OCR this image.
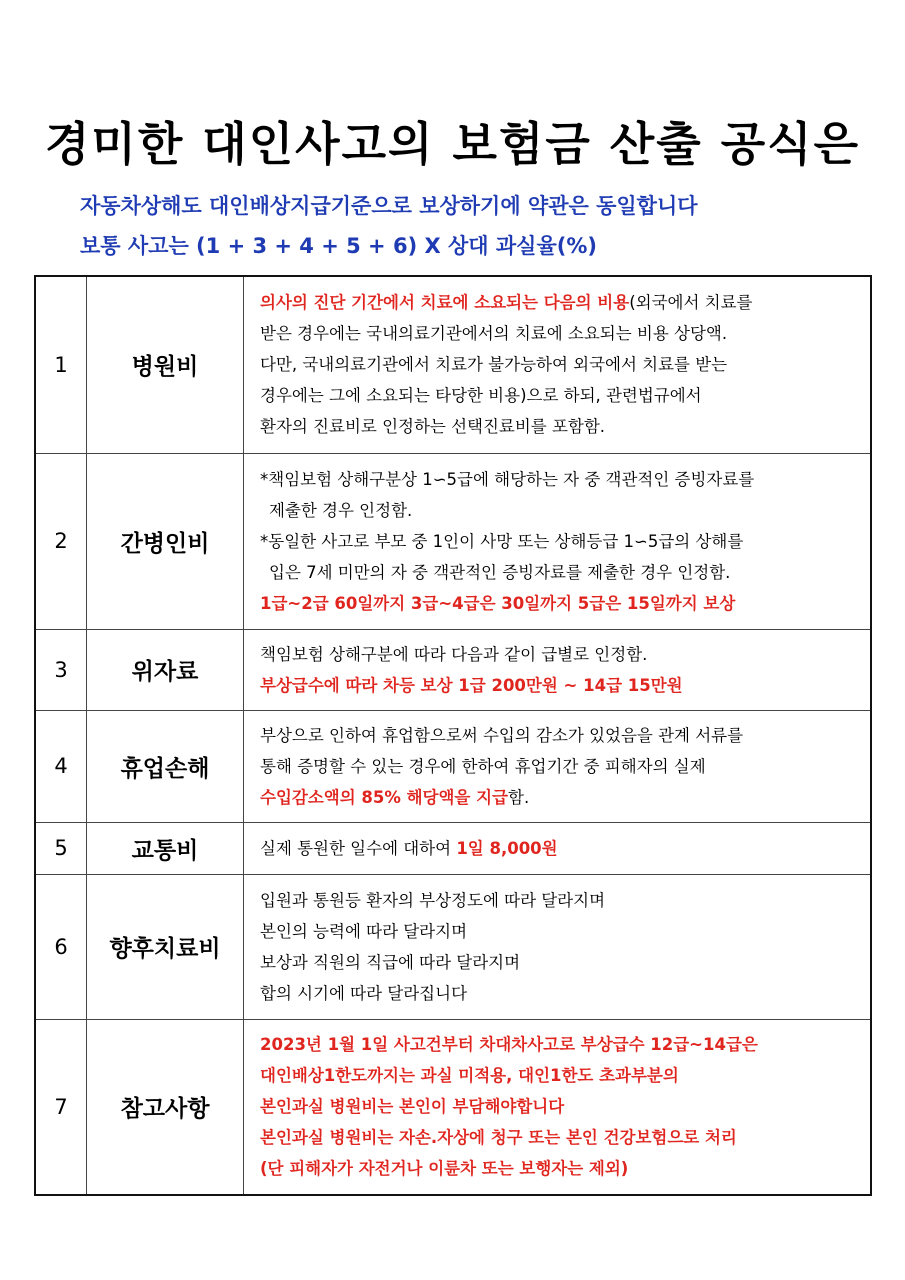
경미한 대인사고의 보험금 산출 공식은
자동차상해도 대인배상지급기준으로 보상하기에 약관은 동일합니다
보통 사고는 (1 + 3 + 4 + 5 + 6) X 상대 과실율(%)
1	병원비	의사의 진단 기간에서 치료에 소요되는 다음의 비용(외국에서 치료를
받은 경우에는 국내의료기관에서의 치료에 소요되는 비용 상당액.
다만, 국내의료기관에서 치료가 불가능하여 외국에서 치료를 받는
경우에는 그에 소요되는 타당한 비용)으로 하되, 관련법규에서
환자의 진료비로 인정하는 선택진료비를 포함함.

2	간병인비	*책임보험 상해구분상 1∽5급에 해당하는 자 중 객관적인 증빙자료를
제출한 경우 인정함.
*동일한 사고로 부모 중 1인이 사망 또는 상해등급 1∽5급의 상해를
입은 7세 미만의 자 중 객관적인 증빙자료를 제출한 경우 인정함.
1급~2급 60일까지 3급~4급은 30일까지 5급은 15일까지 보상

3	위자료	책임보험 상해구분에 따라 다음과 같이 급별로 인정함.
부상급수에 따라 차등 보상 1급 200만원 ~ 14급 15만원

4	휴업손해	부상으로 인하여 휴업함으로써 수입의 감소가 있었음을 관계 서류를
통해 증명할 수 있는 경우에 한하여 휴업기간 중 피해자의 실제
수입감소액의 85% 해당액을 지급함.

5	교통비	실제 통원한 일수에 대하여 1일 8,000원

6	향후치료비	입원과 통원등 환자의 부상정도에 따라 달라지며
본인의 능력에 따라 달라지며
보상과 직원의 직급에 따라 달라지며
합의 시기에 따라 달라집니다

7	참고사항	2023년 1월 1일 사고건부터 차대차사고로 부상급수 12급~14급은
대인배상1한도까지는 과실 미적용, 대인1한도 초과부분의
본인과실 병원비는 본인이 부담해야합니다
본인과실 병원비는 자손.자상에 청구 또는 본인 건강보험으로 처리
(단 피해자가 자전거나 이륜차 또는 보행자는 제외)
